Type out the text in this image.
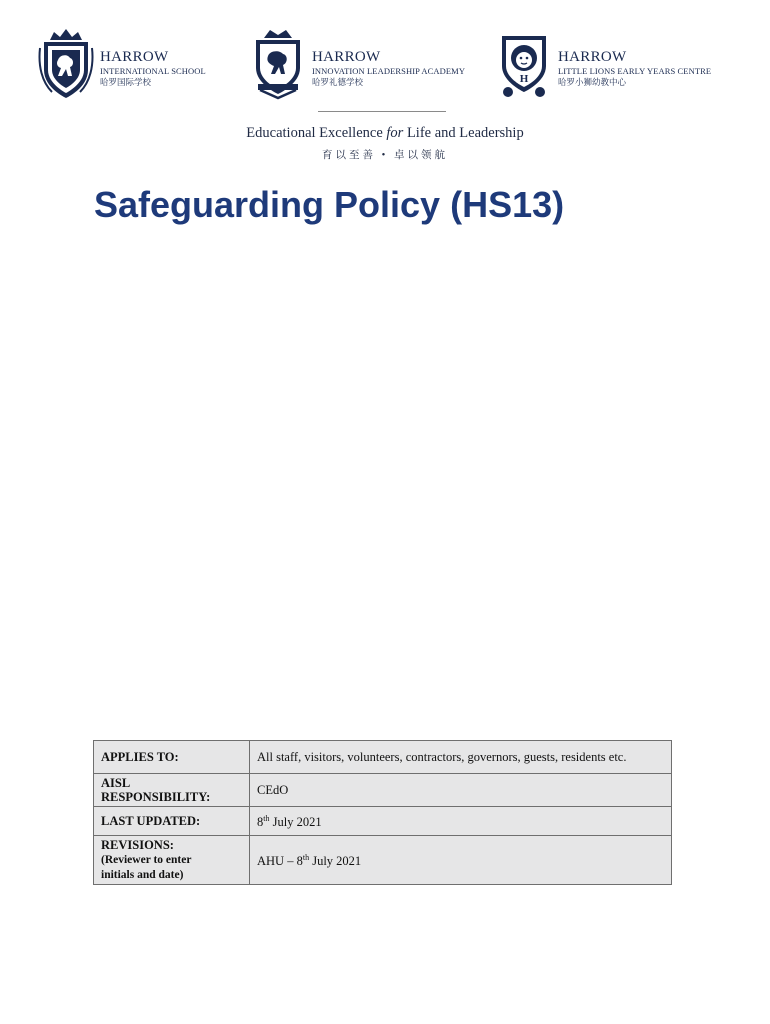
HARROW
INTERNATIONAL SCHOOL
哈罗国际学校
HARROW
INNOVATION LEADERSHIP ACADEMY
哈罗礼德学校	H
HARROW
LITTLE LIONS EARLY YEARS CENTRE
哈罗小狮幼教中心
Educational Excellence for Life and Leadership
育以至善 • 卓以领航
Safeguarding Policy (HS13)
APPLIES TO:	All staff, visitors, volunteers, contractors, governors, guests, residents etc.
AISL
RESPONSIBILITY:	CEdO
LAST UPDATED:	8th July 2021
REVISIONS:
(Reviewer to enter
initials and date)	AHU – 8th July 2021
